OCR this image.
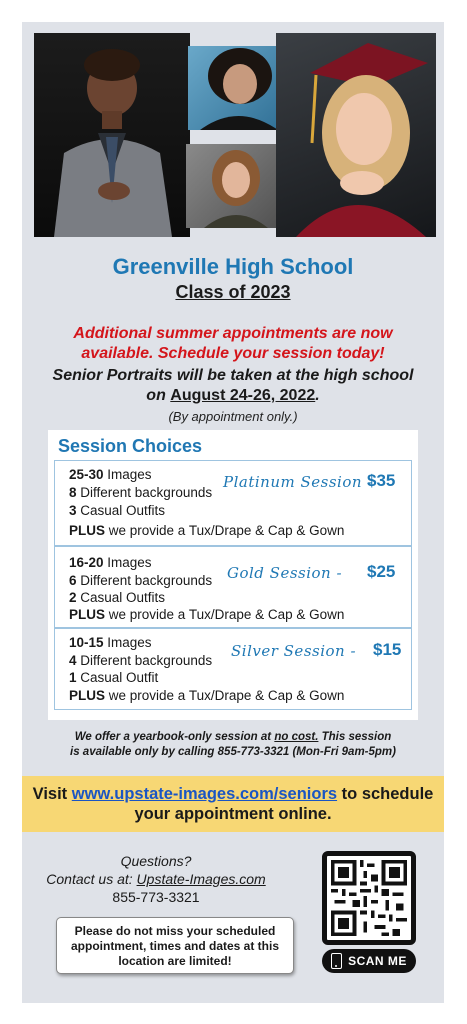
Greenville High School
Class of 2023
Additional summer appointments are now
available. Schedule your session today!
Senior Portraits will be taken at the high school
on August 24-26, 2022.
(By appointment only.)
Session Choices
25-30 Images
8 Different backgrounds
3 Casual Outfits
PLUS we provide a Tux/Drape & Cap & Gown
Platinum Session -
$35
16-20 Images
6 Different backgrounds
2 Casual Outfits
PLUS we provide a Tux/Drape & Cap & Gown
Gold Session - $25
10-15 Images
4 Different backgrounds
1 Casual Outfit
PLUS we provide a Tux/Drape & Cap & Gown
Silver Session - $15
We offer a yearbook-only session at no cost. This session
is available only by calling 855-773-3321 (Mon-Fri 9am-5pm)
Visit www.upstate-images.com/seniors to schedule
your appointment online.
Questions?
Contact us at: Upstate-Images.com
855-773-3321
Please do not miss your scheduled appointment, times and dates at this location are limited!	SCAN ME
